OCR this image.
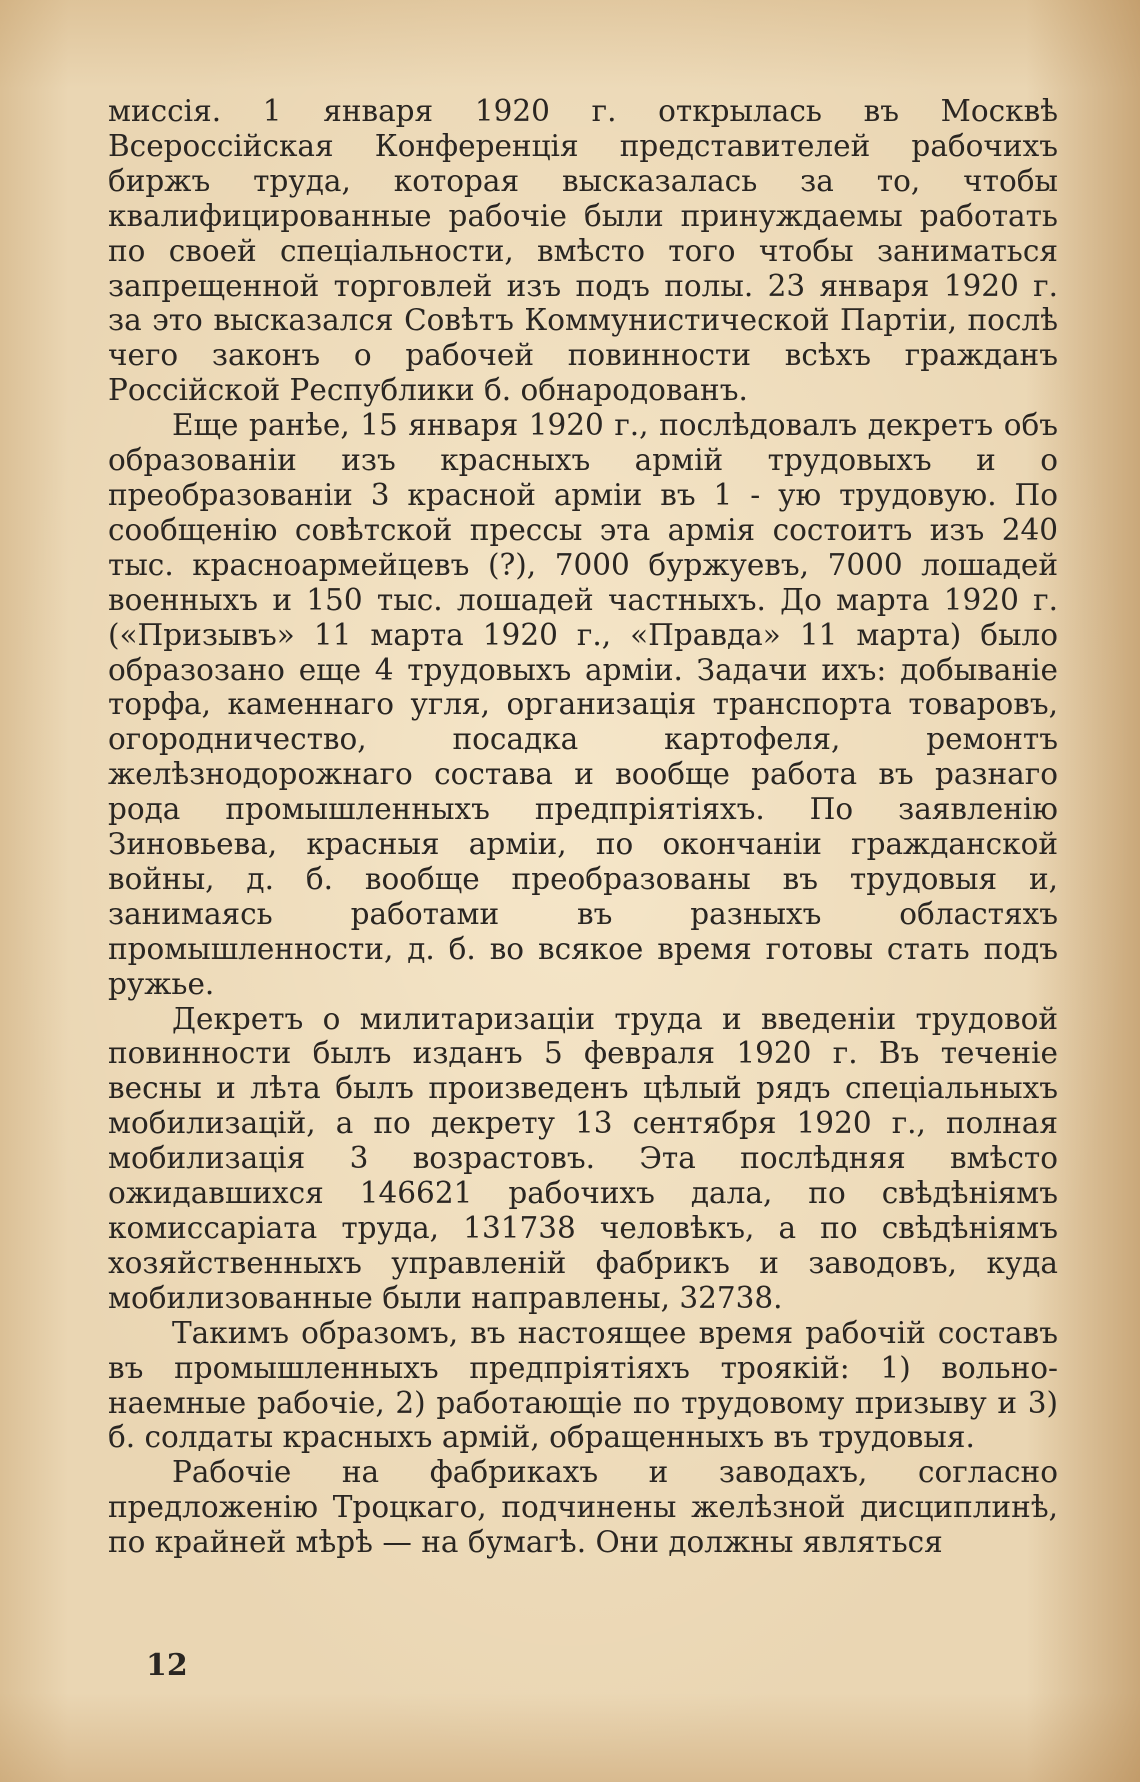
миссія. 1 января 1920 г. открылась въ Москвѣ Всероссійская Конференція представителей рабочихъ биржъ труда, которая высказалась за то, чтобы квалифицированные рабочіе были принуждаемы работать по своей спеціальности, вмѣсто того чтобы заниматься запрещенной торговлей изъ подъ полы. 23 января 1920 г. за это высказался Совѣтъ Коммунистической Партіи, послѣ чего законъ о рабочей повинности всѣхъ гражданъ Россійской Республики б. обнародованъ.

Еще ранѣе, 15 января 1920 г., послѣдовалъ декретъ объ образованіи изъ красныхъ армій трудовыхъ и о преобразованіи 3 красной арміи въ 1 - ую трудовую. По сообщенію совѣтской прессы эта армія состоитъ изъ 240 тыс. красноармейцевъ (?), 7000 буржуевъ, 7000 лошадей военныхъ и 150 тыс. лошадей частныхъ. До марта 1920 г. («Призывъ» 11 марта 1920 г., «Правда» 11 марта) было образозано еще 4 трудовыхъ арміи. Задачи ихъ: добываніе торфа, каменнаго угля, организація транспорта товаровъ, огородничество, посадка картофеля, ремонтъ желѣзнодорожнаго состава и вообще работа въ разнаго рода промышленныхъ предпріятіяхъ. По заявленію Зиновьева, красныя арміи, по окончаніи гражданской войны, д. б. вообще преобразованы въ трудовыя и, занимаясь работами въ разныхъ областяхъ промышленности, д. б. во всякое время готовы стать подъ ружье.

Декретъ о милитаризаціи труда и введеніи трудовой повинности былъ изданъ 5 февраля 1920 г. Въ теченіе весны и лѣта былъ произведенъ цѣлый рядъ спеціальныхъ мобилизацій, а по декрету 13 сентября 1920 г., полная мобилизація 3 возрастовъ. Эта послѣдняя вмѣсто ожидавшихся 146621 рабочихъ дала, по свѣдѣніямъ комиссаріата труда, 131738 человѣкъ, а по свѣдѣніямъ хозяйственныхъ управленій фабрикъ и заводовъ, куда мобилизованные были направлены, 32738.

Такимъ образомъ, въ настоящее время рабочій составъ въ промышленныхъ предпріятіяхъ троякій: 1) вольно-наемные рабочіе, 2) работающіе по трудовому призыву и 3) б. солдаты красныхъ армій, обращенныхъ въ трудовыя.

Рабочіе на фабрикахъ и заводахъ, согласно предложенію Троцкаго, подчинены желѣзной дисциплинѣ, по крайней мѣрѣ — на бумагѣ. Они должны являться

12
